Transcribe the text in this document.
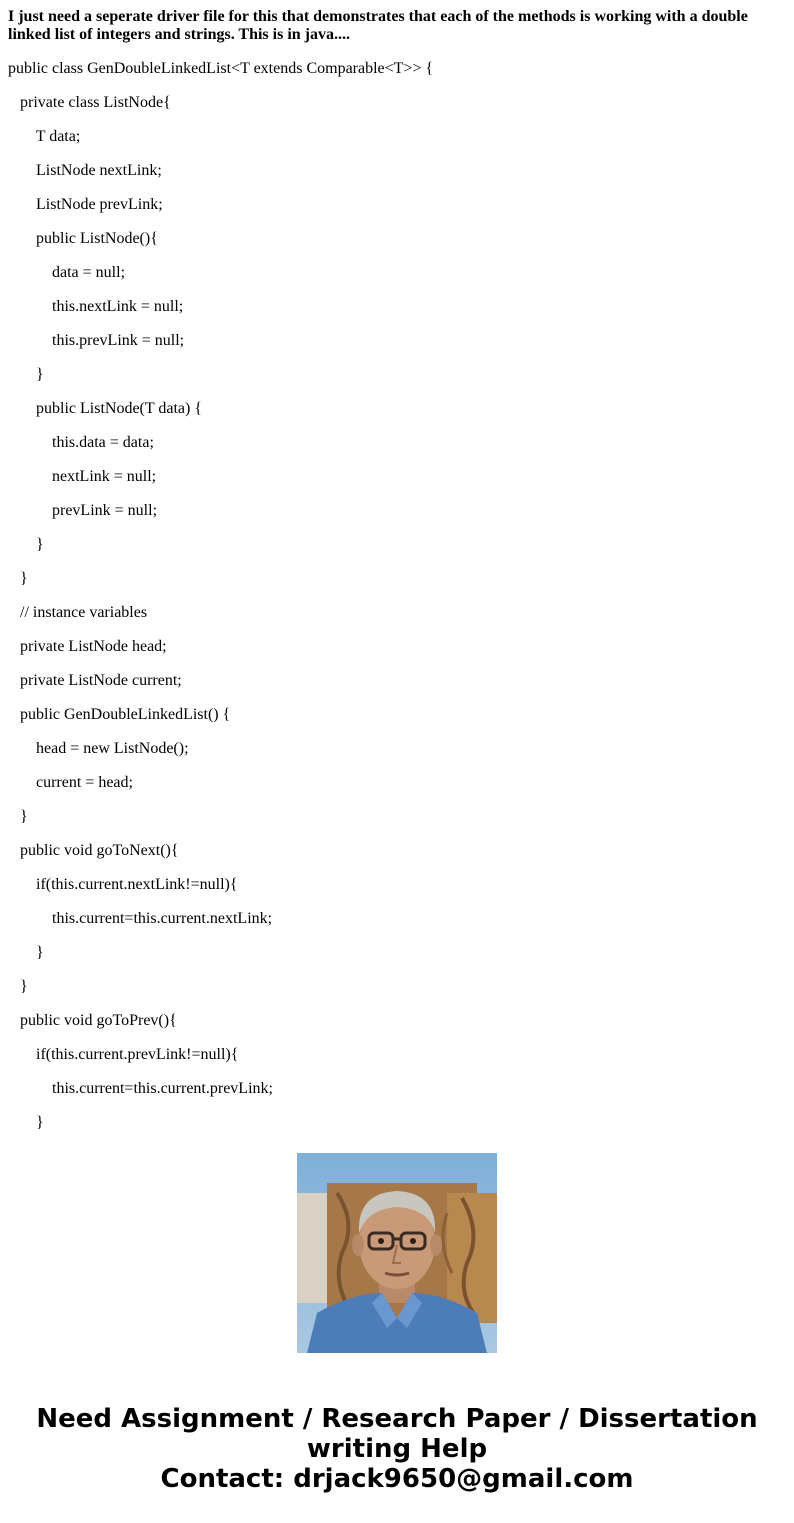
I just need a seperate driver file for this that demonstrates that each of the methods is working with a double linked list of integers and strings. This is in java....
public class GenDoubleLinkedList<T extends Comparable<T>> {
private class ListNode{
T data;
ListNode nextLink;
ListNode prevLink;
public ListNode(){
data = null;
this.nextLink = null;
this.prevLink = null;
}
public ListNode(T data) {
this.data = data;
nextLink = null;
prevLink = null;
}
}
// instance variables
private ListNode head;
private ListNode current;
public GenDoubleLinkedList() {
head = new ListNode();
current = head;
}
public void goToNext(){
if(this.current.nextLink!=null){
this.current=this.current.nextLink;
}
}
public void goToPrev(){
if(this.current.prevLink!=null){
this.current=this.current.prevLink;
}
Need Assignment / Research Paper / Dissertation
writing Help
Contact: drjack9650@gmail.com
